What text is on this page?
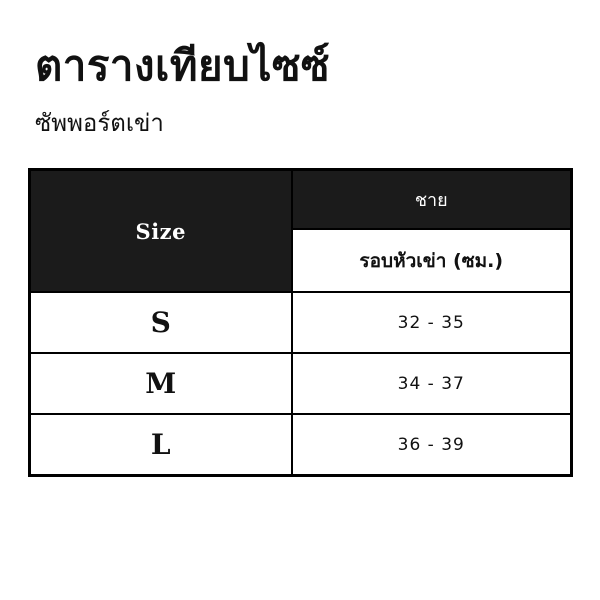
ตารางเทียบไซซ์
ซัพพอร์ตเข่า
Size	ชาย
	รอบหัวเข่า (ซม.)
S	32 - 35
M	34 - 37
L	36 - 39
